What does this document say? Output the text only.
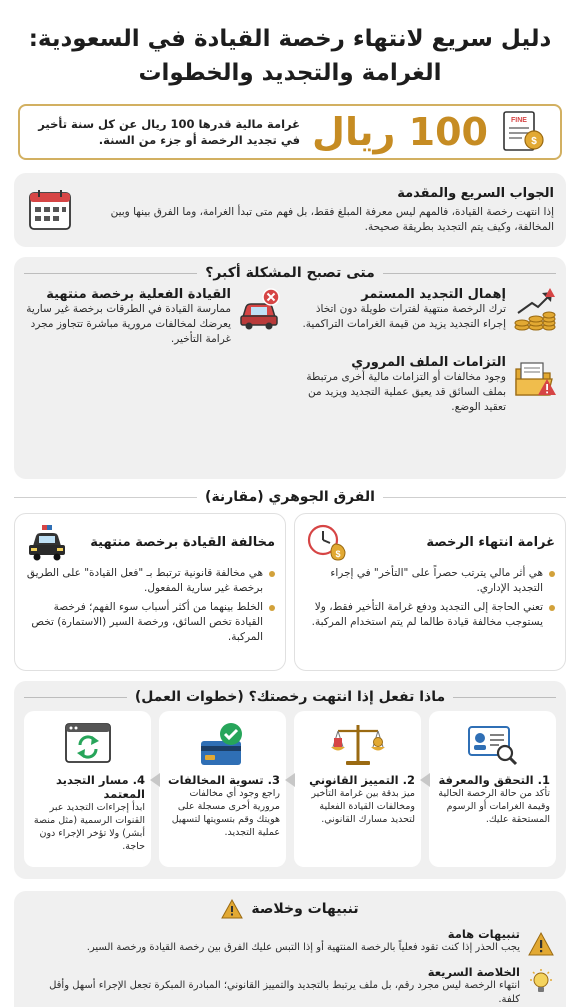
دليل سريع لانتهاء رخصة القيادة في السعودية: الغرامة والتجديد والخطوات
FINE
$
100 ريال
غرامة مالية قدرها 100 ريال عن كل سنة تأخير في تجديد الرخصة أو جزء من السنة.
الجواب السريع والمقدمة
إذا انتهت رخصة القيادة، فالمهم ليس معرفة المبلغ فقط، بل فهم متى تبدأ الغرامة، وما الفرق بينها وبين المخالفة، وكيف يتم التجديد بطريقة صحيحة.
متى تصبح المشكلة أكبر؟
إهمال التجديد المستمر
ترك الرخصة منتهية لفترات طويلة دون اتخاذ إجراء التجديد يزيد من قيمة الغرامات التراكمية.
القيادة الفعلية برخصة منتهية
ممارسة القيادة في الطرقات برخصة غير سارية يعرضك لمخالفات مرورية مباشرة تتجاوز مجرد غرامة التأخير.
التزامات الملف المروري
وجود مخالفات أو التزامات مالية أخرى مرتبطة بملف السائق قد يعيق عملية التجديد ويزيد من تعقيد الوضع.
الفرق الجوهري (مقارنة)
غرامة انتهاء الرخصة
$
هي أثر مالي يترتب حصراً على "التأخر" في إجراء التجديد الإداري.
تعني الحاجة إلى التجديد ودفع غرامة التأخير فقط، ولا يستوجب مخالفة قيادة طالما لم يتم استخدام المركبة.
مخالفة القيادة برخصة منتهية
هي مخالفة قانونية ترتبط بـ "فعل القيادة" على الطريق برخصة غير سارية المفعول.
الخلط بينهما من أكثر أسباب سوء الفهم؛ فرخصة القيادة تخص السائق، ورخصة السير (الاستمارة) تخص المركبة.
ماذا تفعل إذا انتهت رخصتك؟ (خطوات العمل)
1. التحقق والمعرفة
تأكد من حالة الرخصة الحالية وقيمة الغرامات أو الرسوم المستحقة عليك.
2. التمييز القانوني
ميز بدقة بين غرامة التأخير ومخالفات القيادة الفعلية لتحديد مسارك القانوني.
3. تسوية المخالفات
راجع وجود أي مخالفات مرورية أخرى مسجلة على هويتك وقم بتسويتها لتسهيل عملية التجديد.
4. مسار التجديد المعتمد
ابدأ إجراءات التجديد عبر القنوات الرسمية (مثل منصة أبشر) ولا تؤخر الإجراء دون حاجة.
تنبيهات وخلاصة
تنبيهات هامة
يجب الحذر إذا كنت تقود فعلياً بالرخصة المنتهية أو إذا التبس عليك الفرق بين رخصة القيادة ورخصة السير.
الخلاصة السريعة
انتهاء الرخصة ليس مجرد رقم، بل ملف يرتبط بالتجديد والتمييز القانوني؛ المبادرة المبكرة تجعل الإجراء أسهل وأقل كلفة.
